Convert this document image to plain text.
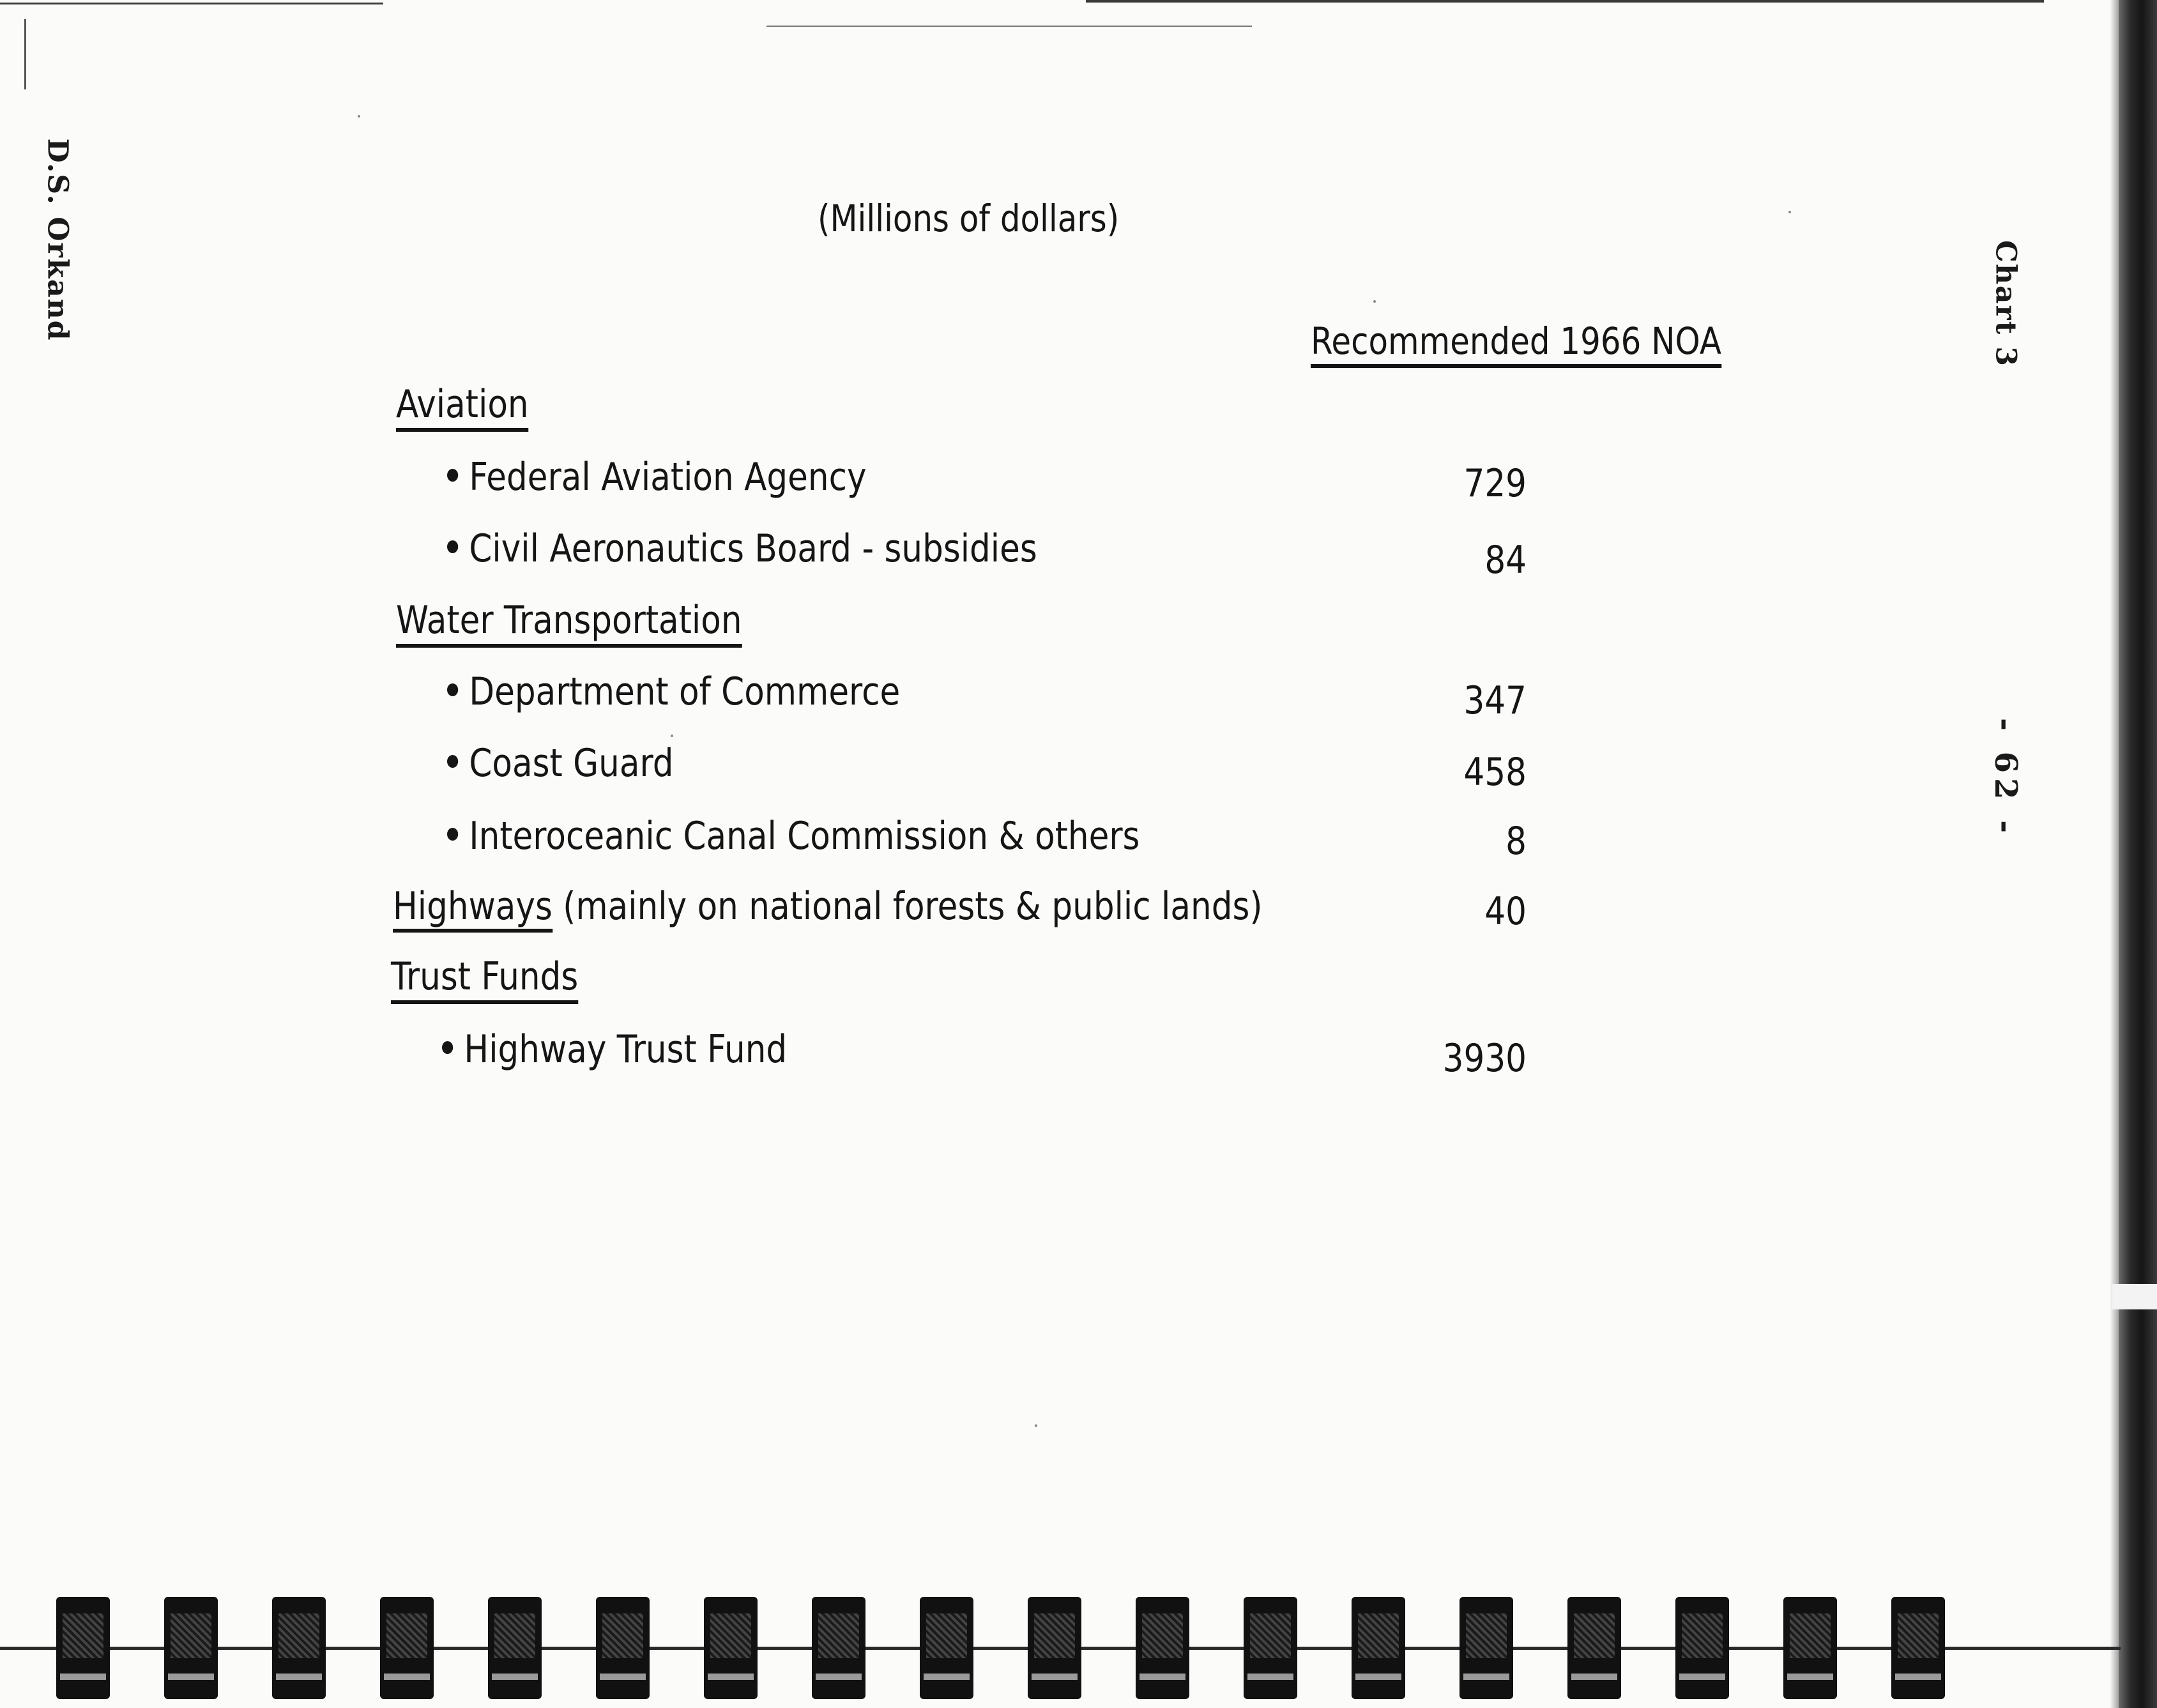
D.S. Orkand	Chart 3
- 62 -
(Millions of dollars)
Recommended 1966 NOA
Aviation
Federal Aviation Agency	729
Civil Aeronautics Board - subsidies	84
Water Transportation
Department of Commerce	347
Coast Guard	458
Interoceanic Canal Commission & others	8
Highways (mainly on national forests & public lands)	40
Trust Funds
Highway Trust Fund	3930
